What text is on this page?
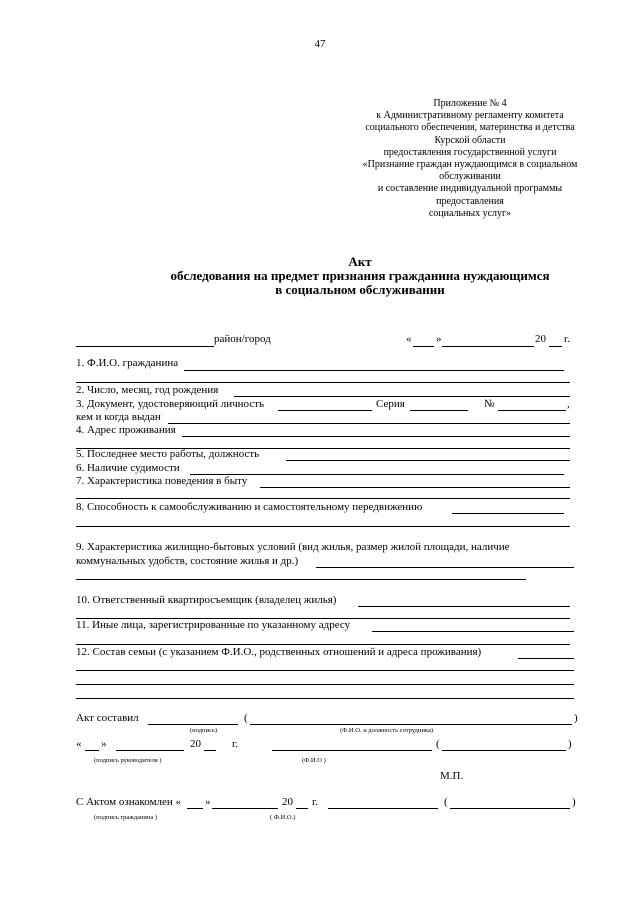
47
Приложение № 4
к Административному регламенту комитета
социального обеспечения, материнства и детства
Курской области
предоставления государственной услуги
«Признание граждан нуждающимся в социальном
обслуживании
и составление индивидуальной программы
предоставления
социальных услуг»
Акт
обследования на предмет признания гражданина нуждающимся
в социальном обслуживании
район/город	« »	20 г.
1. Ф.И.О. гражданина
2. Число, месяц, год рождения
3. Документ, удостоверяющий личность	Серия	№	,
кем и когда выдан
4. Адрес проживания
5. Последнее место работы, должность
6. Наличие судимости
7. Характеристика поведения в быту
8. Способность к самообслуживанию и самостоятельному передвижению
9. Характеристика жилищно-бытовых условий (вид жилья, размер жилой площади, наличие
коммунальных удобств, состояние жилья и др.)
10. Ответственный квартиросъемщик (владелец жилья)
11. Иные лица, зарегистрированные по указанному адресу
12. Состав семьи (с указанием Ф.И.О., родственных отношений и адреса проживания)
Акт составил	(	)
(подпись)	(Ф.И.О. и должность сотрудника)
« »	20	г.	(	)
(подпись руководителя )	(Ф.И.О )
М.П.
С Актом ознакомлен « »	20 г.	(	)
(подпись гражданина )	( Ф.И.О.)
